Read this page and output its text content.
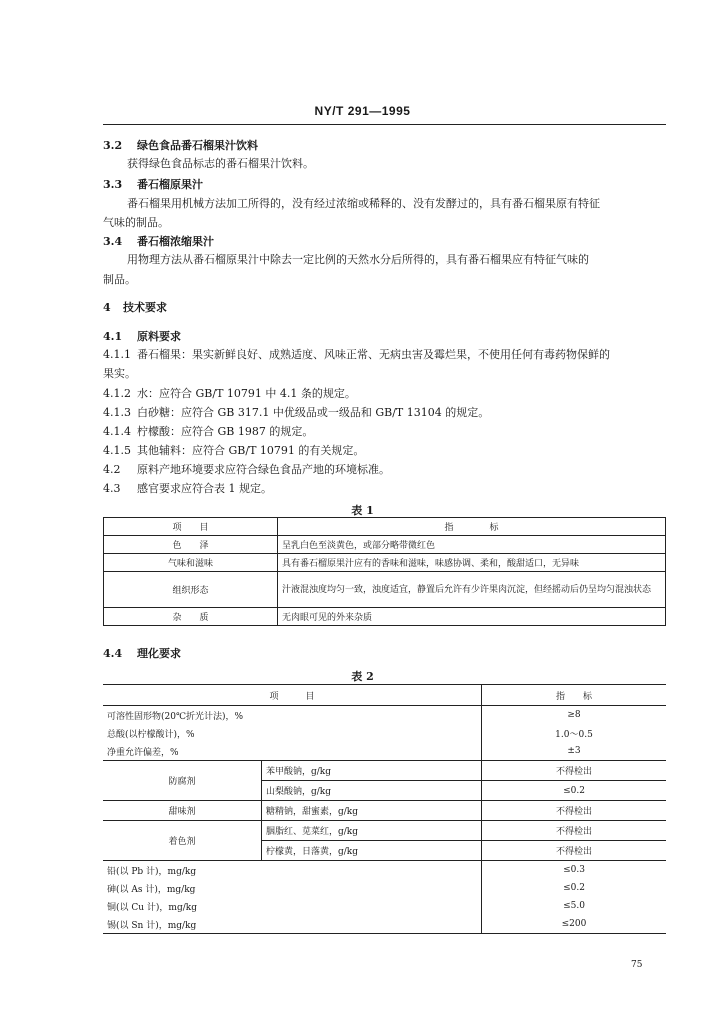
NY/T 291—1995
3.2 绿色食品番石榴果汁饮料
获得绿色食品标志的番石榴果汁饮料。
3.3 番石榴原果汁
番石榴果用机械方法加工所得的，没有经过浓缩或稀释的、没有发酵过的，具有番石榴果原有特征
气味的制品。
3.4 番石榴浓缩果汁
用物理方法从番石榴原果汁中除去一定比例的天然水分后所得的，具有番石榴果应有特征气味的
制品。
4 技术要求
4.1 原料要求
4.1.1 番石榴果：果实新鲜良好、成熟适度、风味正常、无病虫害及霉烂果，不使用任何有毒药物保鲜的
果实。
4.1.2 水：应符合 GB/T 10791 中 4.1 条的规定。
4.1.3 白砂糖：应符合 GB 317.1 中优级品或一级品和 GB/T 13104 的规定。
4.1.4 柠檬酸：应符合 GB 1987 的规定。
4.1.5 其他辅料：应符合 GB/T 10791 的有关规定。
4.2 原料产地环境要求应符合绿色食品产地的环境标准。
4.3 感官要求应符合表 1 规定。
表 1
项　　目	指　　　　标
色　　泽	呈乳白色至淡黄色，或部分略带微红色
气味和滋味	具有番石榴原果汁应有的香味和滋味，味感协调、柔和，酸甜适口，无异味
组织形态	汁液混浊度均匀一致，浊度适宜，静置后允许有少许果肉沉淀，但经摇动后仍呈均匀混浊状态
杂　　质	无肉眼可见的外来杂质
4.4 理化要求
表 2
项　　　目		指　　标
可溶性固形物(20℃折光计法)，%		≥8
总酸(以柠檬酸计)，%		1.0～0.5
净重允许偏差，%		±3
防腐剂	苯甲酸钠，g/kg	不得检出
	山梨酸钠，g/kg	≤0.2
甜味剂	糖精钠，甜蜜素，g/kg	不得检出
着色剂	胭脂红、苋菜红，g/kg	不得检出
	柠檬黄，日落黄，g/kg	不得检出
铅(以 Pb 计)，mg/kg		≤0.3
砷(以 As 计)，mg/kg		≤0.2
铜(以 Cu 计)，mg/kg		≤5.0
锡(以 Sn 计)，mg/kg		≤200
75
